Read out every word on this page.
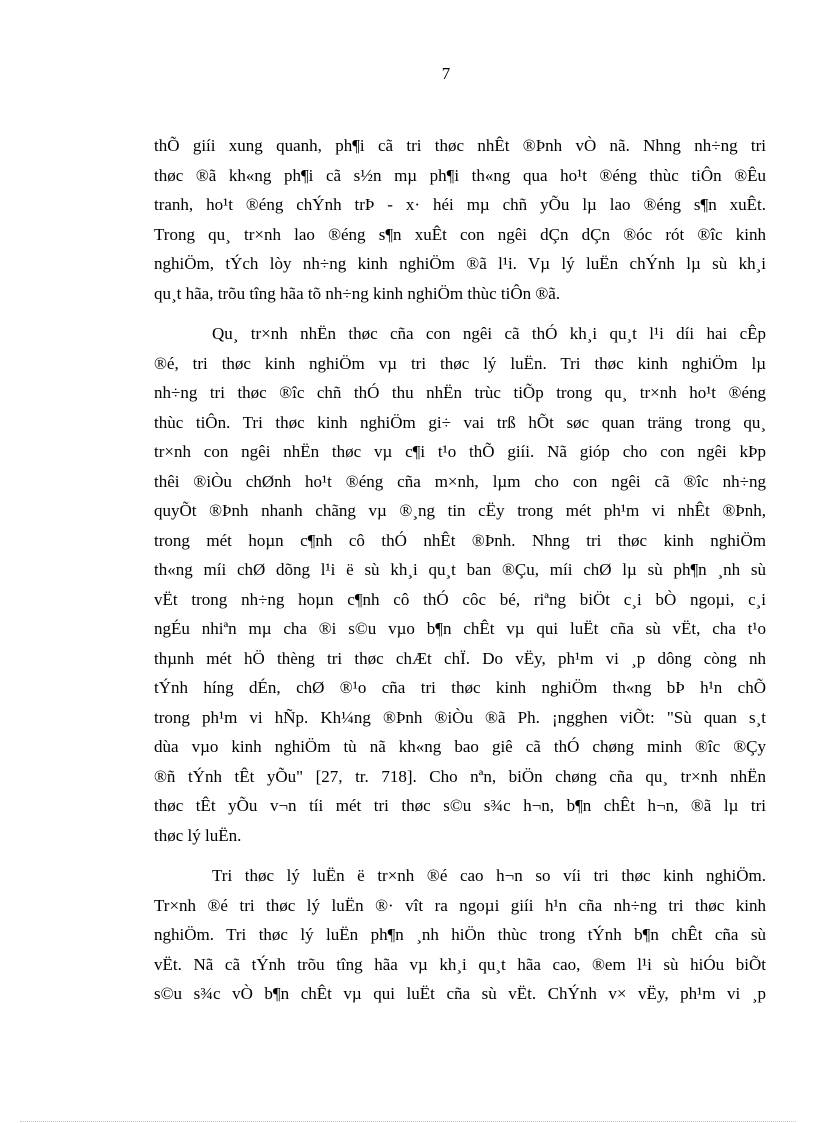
7
thÕ giíi xung quanh, ph¶i cã tri thøc nhÊt ®Þnh vÒ nã. Nhng nh÷ng tri
thøc ®ã kh«ng ph¶i cã s½n mµ ph¶i th«ng qua ho¹t ®éng thùc tiÔn ®Êu
tranh, ho¹t ®éng chÝnh trÞ - x· héi mµ chñ yÕu lµ lao ®éng s¶n xuÊt.
Trong qu¸ tr×nh lao ®éng s¶n xuÊt con ngêi dÇn dÇn ®óc rót ®îc kinh
nghiÖm, tÝch lòy nh÷ng kinh nghiÖm ®ã l¹i. Vµ lý luËn chÝnh lµ sù kh¸i
qu¸t hãa, trõu tîng hãa tõ nh÷ng kinh nghiÖm thùc tiÔn ®ã.
Qu¸ tr×nh nhËn thøc cña con ngêi cã thÓ kh¸i qu¸t l¹i díi hai cÊp
®é, tri thøc kinh nghiÖm vµ tri thøc lý luËn. Tri thøc kinh nghiÖm lµ
nh÷ng tri thøc ®îc chñ thÓ thu nhËn trùc tiÕp trong qu¸ tr×nh ho¹t ®éng
thùc tiÔn. Tri thøc kinh nghiÖm gi÷ vai trß hÕt søc quan träng trong qu¸
tr×nh con ngêi nhËn thøc vµ c¶i t¹o thÕ giíi. Nã gióp cho con ngêi kÞp
thêi ®iÒu chØnh ho¹t ®éng cña m×nh, lµm cho con ngêi cã ®îc nh÷ng
quyÕt ®Þnh nhanh chãng vµ ®¸ng tin cËy trong mét ph¹m vi nhÊt ®Þnh,
trong mét hoµn c¶nh cô thÓ nhÊt ®Þnh. Nhng tri thøc kinh nghiÖm
th«ng míi chØ dõng l¹i ë sù kh¸i qu¸t ban ®Çu, míi chØ lµ sù ph¶n ¸nh sù
vËt trong nh÷ng hoµn c¶nh cô thÓ côc bé, riªng biÖt c¸i bÒ ngoµi, c¸i
ngÉu nhiªn mµ cha ®i s©u vµo b¶n chÊt vµ qui luËt cña sù vËt, cha t¹o
thµnh mét hÖ thèng tri thøc chÆt chÏ. Do vËy, ph¹m vi ¸p dông còng nh
tÝnh híng dÉn, chØ ®¹o cña tri thøc kinh nghiÖm th«ng bÞ h¹n chÕ
trong ph¹m vi hÑp. Kh¼ng ®Þnh ®iÒu ®ã Ph. ¡ngghen viÕt: "Sù quan s¸t
dùa vµo kinh nghiÖm tù nã kh«ng bao giê cã thÓ chøng minh ®îc ®Çy
®ñ tÝnh tÊt yÕu" [27, tr. 718]. Cho nªn, biÖn chøng cña qu¸ tr×nh nhËn
thøc tÊt yÕu v¬n tíi mét tri thøc s©u s¾c h¬n, b¶n chÊt h¬n, ®ã lµ tri
thøc lý luËn.
Tri thøc lý luËn ë tr×nh ®é cao h¬n so víi tri thøc kinh nghiÖm.
Tr×nh ®é tri thøc lý luËn ®· vît ra ngoµi giíi h¹n cña nh÷ng tri thøc kinh
nghiÖm. Tri thøc lý luËn ph¶n ¸nh hiÖn thùc trong tÝnh b¶n chÊt cña sù
vËt. Nã cã tÝnh trõu tîng hãa vµ kh¸i qu¸t hãa cao, ®em l¹i sù hiÓu biÕt
s©u s¾c vÒ b¶n chÊt vµ qui luËt cña sù vËt. ChÝnh v× vËy, ph¹m vi ¸p
